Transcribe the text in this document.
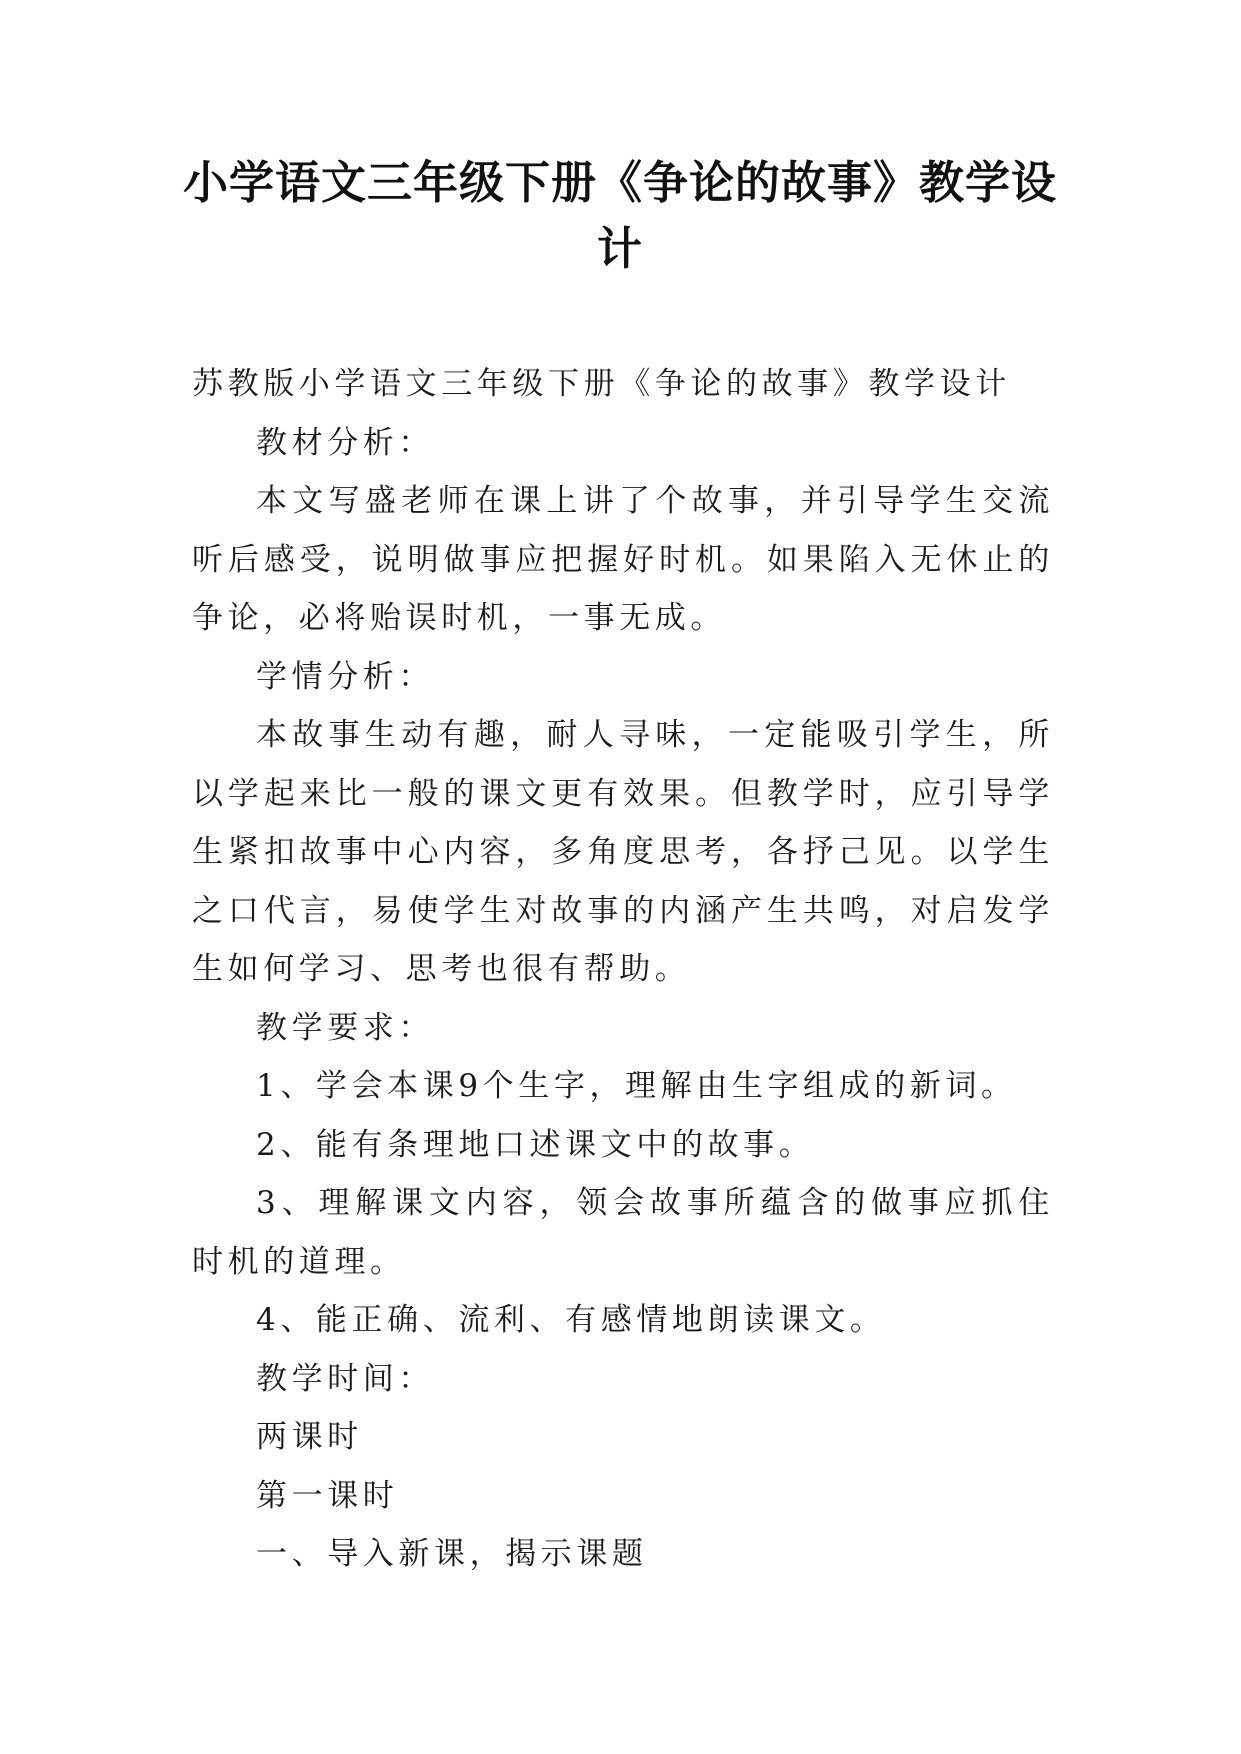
小学语文三年级下册《争论的故事》教学设计

苏教版小学语文三年级下册《争论的故事》教学设计

教材分析：

本文写盛老师在课上讲了个故事，并引导学生交流听后感受，说明做事应把握好时机。如果陷入无休止的争论，必将贻误时机，一事无成。

学情分析：

本故事生动有趣，耐人寻味，一定能吸引学生，所以学起来比一般的课文更有效果。但教学时，应引导学生紧扣故事中心内容，多角度思考，各抒己见。以学生之口代言，易使学生对故事的内涵产生共鸣，对启发学生如何学习、思考也很有帮助。

教学要求：

1、学会本课9个生字，理解由生字组成的新词。

2、能有条理地口述课文中的故事。

3、理解课文内容，领会故事所蕴含的做事应抓住时机的道理。

4、能正确、流利、有感情地朗读课文。

教学时间：

两课时

第一课时

一、导入新课，揭示课题
